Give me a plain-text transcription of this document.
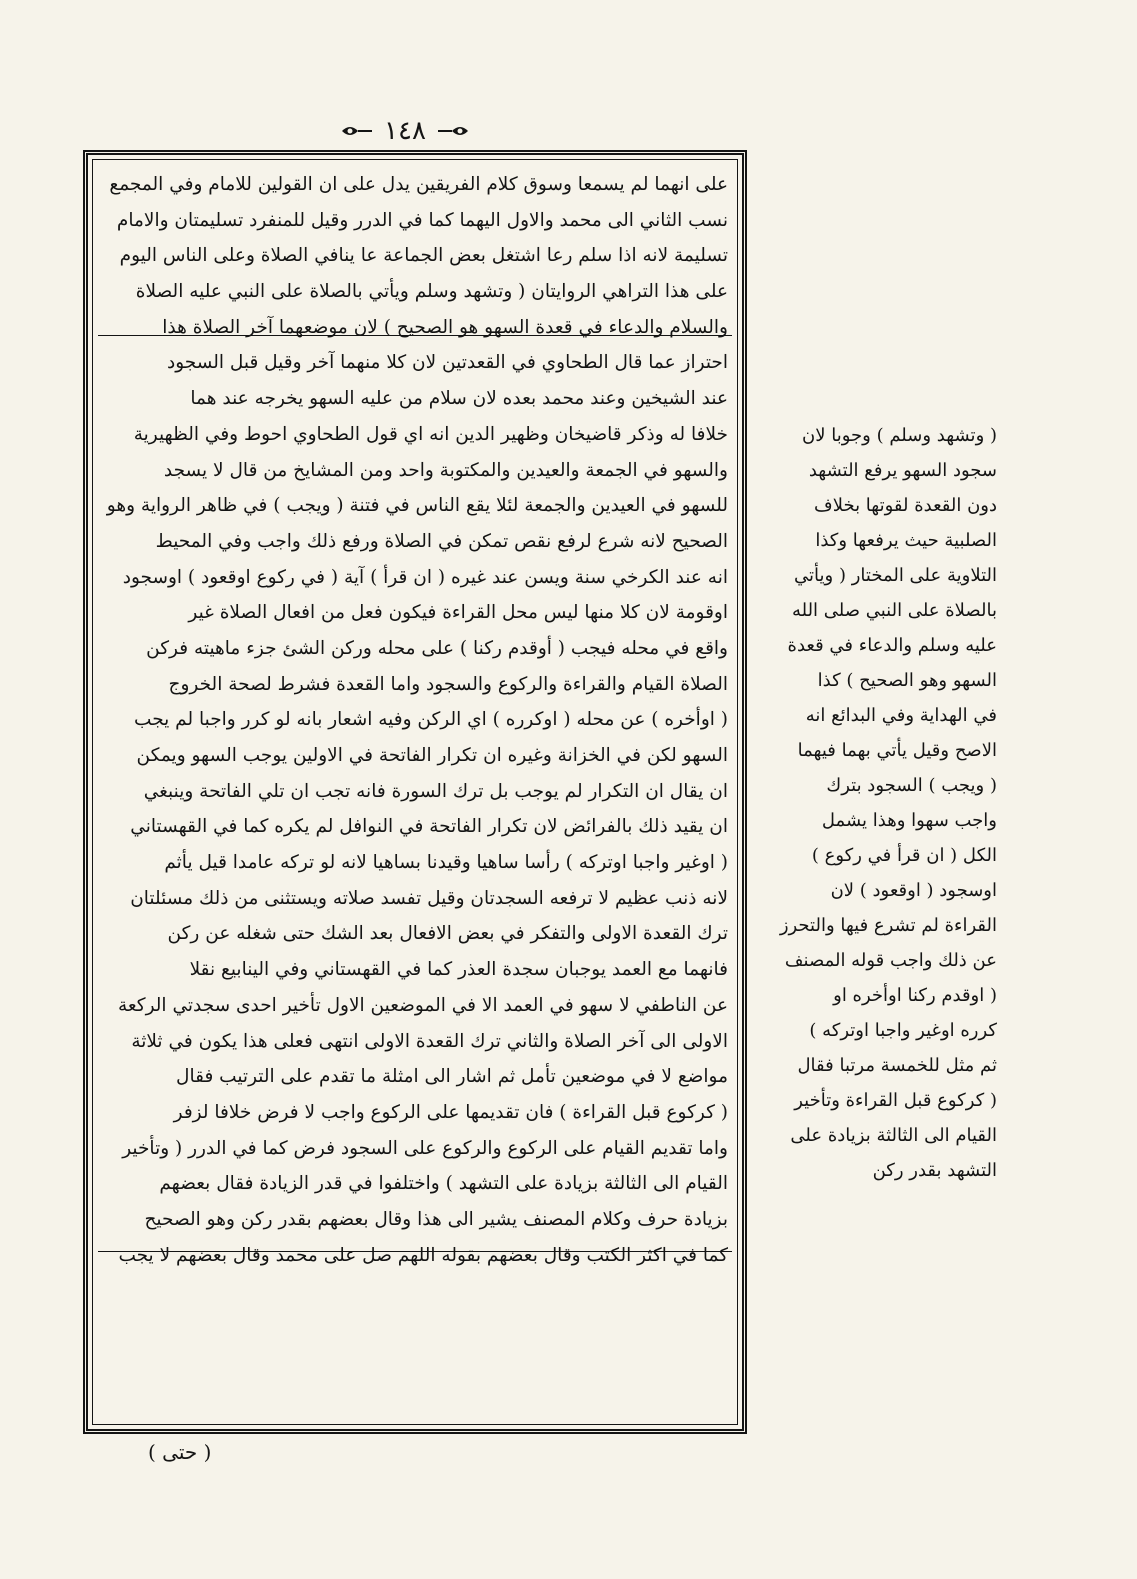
١٤٨
على انهما لم يسمعا وسوق كلام الفريقين يدل على ان القولين للامام وفي المجمع
نسب الثاني الى محمد والاول اليهما كما في الدرر وقيل للمنفرد تسليمتان والامام
تسليمة لانه اذا سلم رعا اشتغل بعض الجماعة عا ينافي الصلاة وعلى الناس اليوم
على هذا التراهي الروايتان ( وتشهد وسلم ويأتي بالصلاة على النبي عليه الصلاة
والسلام والدعاء في قعدة السهو هو الصحيح ) لان موضعهما آخر الصلاة هذا
احتراز عما قال الطحاوي في القعدتين لان كلا منهما آخر وقيل قبل السجود
عند الشيخين وعند محمد بعده لان سلام من عليه السهو يخرجه عند هما
خلافا له وذكر قاضيخان وظهير الدين انه اي قول الطحاوي احوط وفي الظهيرية
والسهو في الجمعة والعيدين والمكتوبة واحد ومن المشايخ من قال لا يسجد
للسهو في العيدين والجمعة لئلا يقع الناس في فتنة ( ويجب ) في ظاهر الرواية وهو
الصحيح لانه شرع لرفع نقص تمكن في الصلاة ورفع ذلك واجب وفي المحيط
انه عند الكرخي سنة ويسن عند غيره ( ان قرأ ) آية ( في ركوع اوقعود ) اوسجود
اوقومة لان كلا منها ليس محل القراءة فيكون فعل من افعال الصلاة غير
واقع في محله فيجب ( أوقدم ركنا ) على محله وركن الشئ جزء ماهيته فركن
الصلاة القيام والقراءة والركوع والسجود واما القعدة فشرط لصحة الخروج
( اوأخره ) عن محله ( اوكرره ) اي الركن وفيه اشعار بانه لو كرر واجبا لم يجب
السهو لكن في الخزانة وغيره ان تكرار الفاتحة في الاولين يوجب السهو ويمكن
ان يقال ان التكرار لم يوجب بل ترك السورة فانه تجب ان تلي الفاتحة وينبغي
ان يقيد ذلك بالفرائض لان تكرار الفاتحة في النوافل لم يكره كما في القهستاني
( اوغير واجبا اوتركه ) رأسا ساهيا وقيدنا بساهيا لانه لو تركه عامدا قيل يأثم
لانه ذنب عظيم لا ترفعه السجدتان وقيل تفسد صلاته ويستثنى من ذلك مسئلتان
ترك القعدة الاولى والتفكر في بعض الافعال بعد الشك حتى شغله عن ركن
فانهما مع العمد يوجبان سجدة العذر كما في القهستاني وفي الينابيع نقلا
عن الناطفي لا سهو في العمد الا في الموضعين الاول تأخير احدى سجدتي الركعة
الاولى الى آخر الصلاة والثاني ترك القعدة الاولى انتهى فعلى هذا يكون في ثلاثة
مواضع لا في موضعين تأمل ثم اشار الى امثلة ما تقدم على الترتيب فقال
( كركوع قبل القراءة ) فان تقديمها على الركوع واجب لا فرض خلافا لزفر
واما تقديم القيام على الركوع والركوع على السجود فرض كما في الدرر ( وتأخير
القيام الى الثالثة بزيادة على التشهد ) واختلفوا في قدر الزيادة فقال بعضهم
بزيادة حرف وكلام المصنف يشير الى هذا وقال بعضهم بقدر ركن وهو الصحيح
كما في اكثر الكتب وقال بعضهم بقوله اللهم صل على محمد وقال بعضهم لا يجب
( وتشهد وسلم ) وجوبا لان
سجود السهو يرفع التشهد
دون القعدة لقوتها بخلاف
الصلبية حيث يرفعها وكذا
التلاوية على المختار ( ويأتي
بالصلاة على النبي صلى الله
عليه وسلم والدعاء في قعدة
السهو وهو الصحيح ) كذا
في الهداية وفي البدائع انه
الاصح وقيل يأتي بهما فيهما
( ويجب ) السجود بترك
واجب سهوا وهذا يشمل
الكل ( ان قرأ في ركوع )
اوسجود ( اوقعود ) لان
القراءة لم تشرع فيها والتحرز
عن ذلك واجب قوله المصنف
( اوقدم ركنا اوأخره او
كرره اوغير واجبا اوتركه )
ثم مثل للخمسة مرتبا فقال
( كركوع قبل القراءة وتأخير
القيام الى الثالثة بزيادة على
التشهد بقدر ركن
( حتى )
